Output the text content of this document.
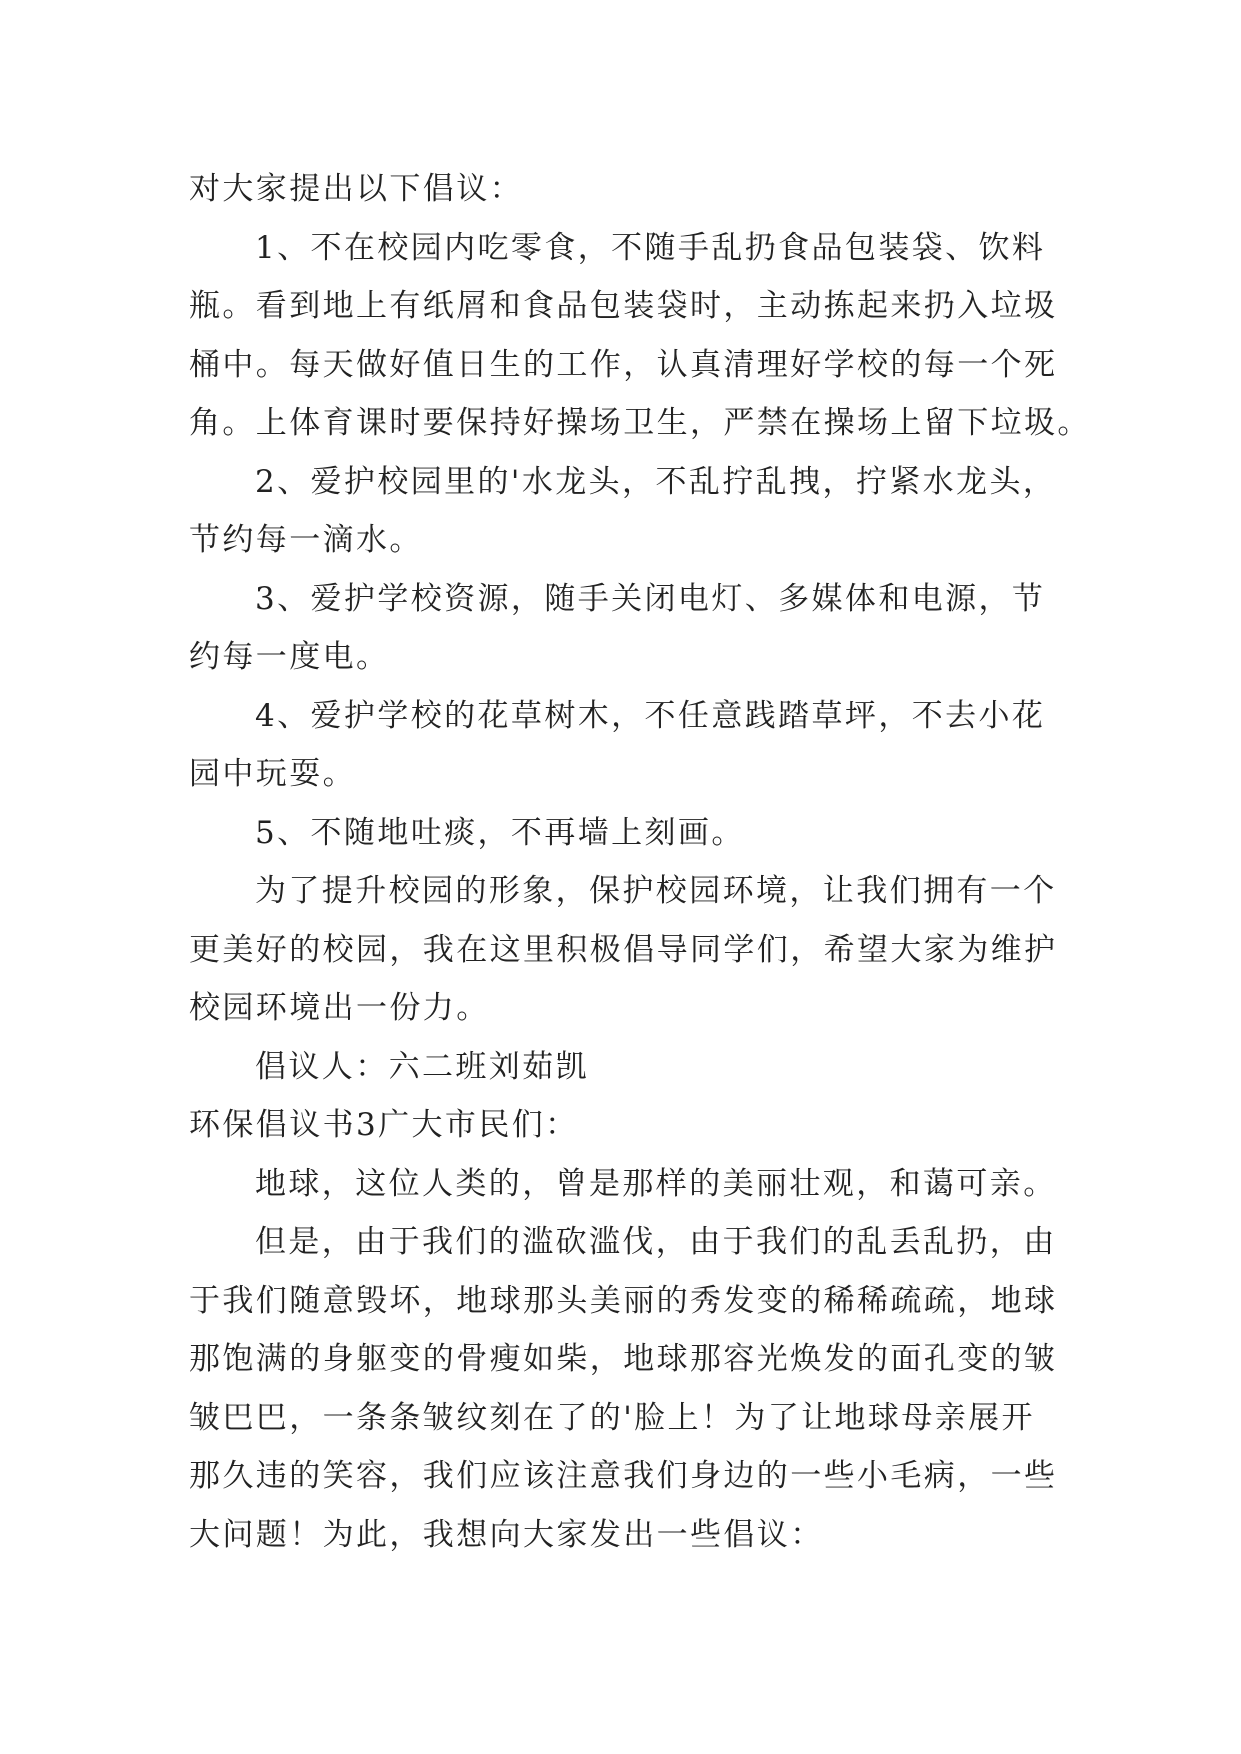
对大家提出以下倡议：
1、不在校园内吃零食，不随手乱扔食品包装袋、饮料
瓶。看到地上有纸屑和食品包装袋时，主动拣起来扔入垃圾
桶中。每天做好值日生的工作，认真清理好学校的每一个死
角。上体育课时要保持好操场卫生，严禁在操场上留下垃圾。
2、爱护校园里的'水龙头，不乱拧乱拽，拧紧水龙头，
节约每一滴水。
3、爱护学校资源，随手关闭电灯、多媒体和电源，节
约每一度电。
4、爱护学校的花草树木，不任意践踏草坪，不去小花
园中玩耍。
5、不随地吐痰，不再墙上刻画。
为了提升校园的形象，保护校园环境，让我们拥有一个
更美好的校园，我在这里积极倡导同学们，希望大家为维护
校园环境出一份力。
倡议人：六二班刘茹凯
环保倡议书3广大市民们：
地球，这位人类的，曾是那样的美丽壮观，和蔼可亲。
但是，由于我们的滥砍滥伐，由于我们的乱丢乱扔，由
于我们随意毁坏，地球那头美丽的秀发变的稀稀疏疏，地球
那饱满的身躯变的骨瘦如柴，地球那容光焕发的面孔变的皱
皱巴巴，一条条皱纹刻在了的'脸上！为了让地球母亲展开
那久违的笑容，我们应该注意我们身边的一些小毛病，一些
大问题！为此，我想向大家发出一些倡议：
